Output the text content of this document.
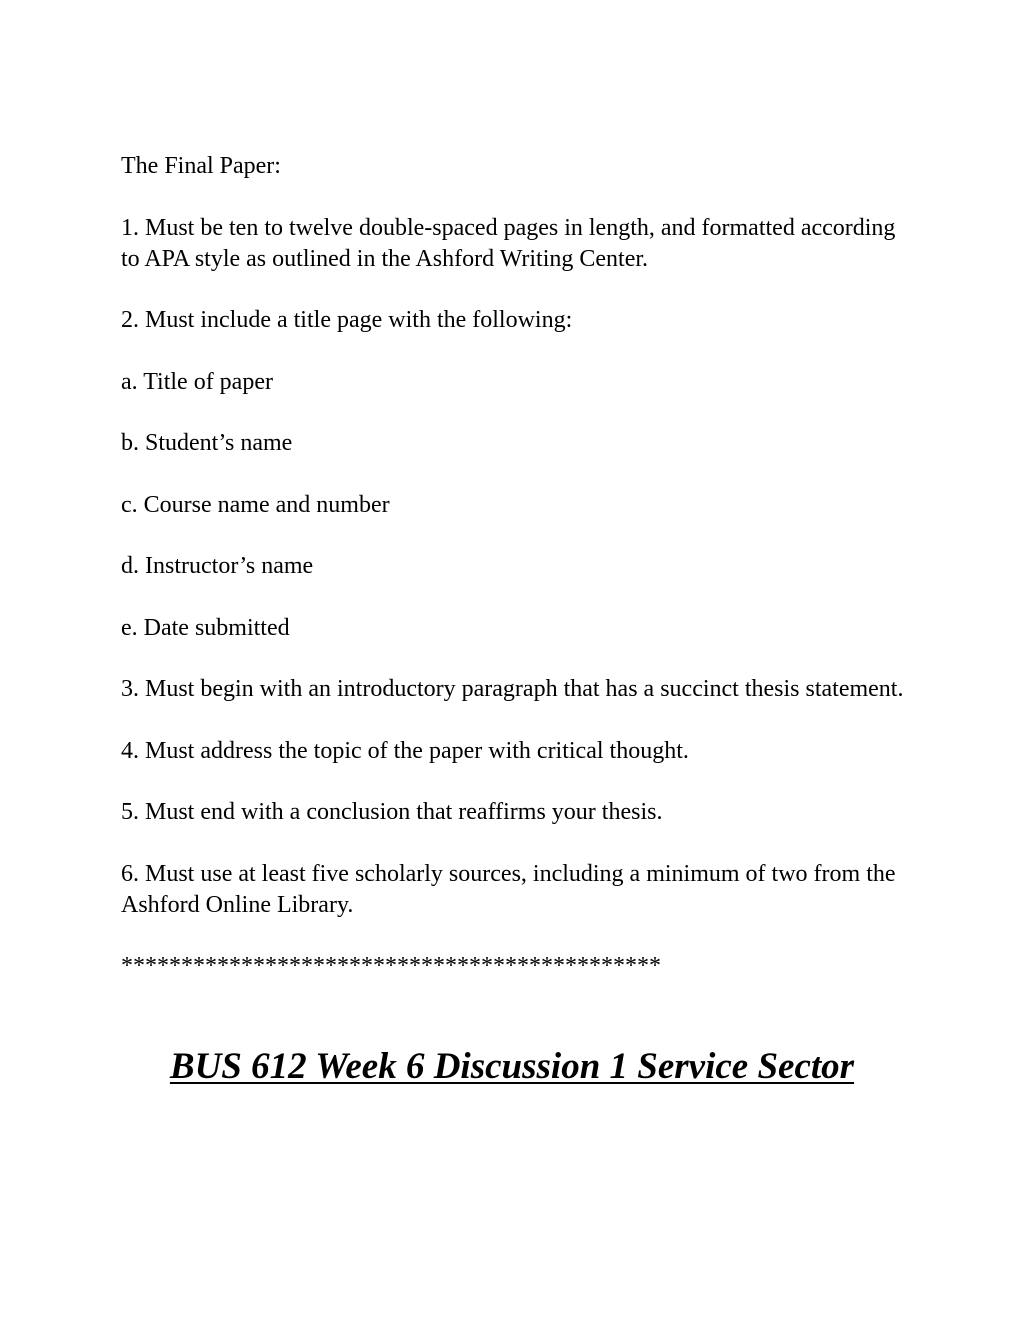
The Final Paper:

1. Must be ten to twelve double-spaced pages in length, and formatted according to APA style as outlined in the Ashford Writing Center.

2. Must include a title page with the following:

a. Title of paper

b. Student’s name

c. Course name and number

d. Instructor’s name

e. Date submitted

3. Must begin with an introductory paragraph that has a succinct thesis statement.

4. Must address the topic of the paper with critical thought.

5. Must end with a conclusion that reaffirms your thesis.

6. Must use at least five scholarly sources, including a minimum of two from the Ashford Online Library.

*********************************************

BUS 612 Week 6 Discussion 1 Service Sector
